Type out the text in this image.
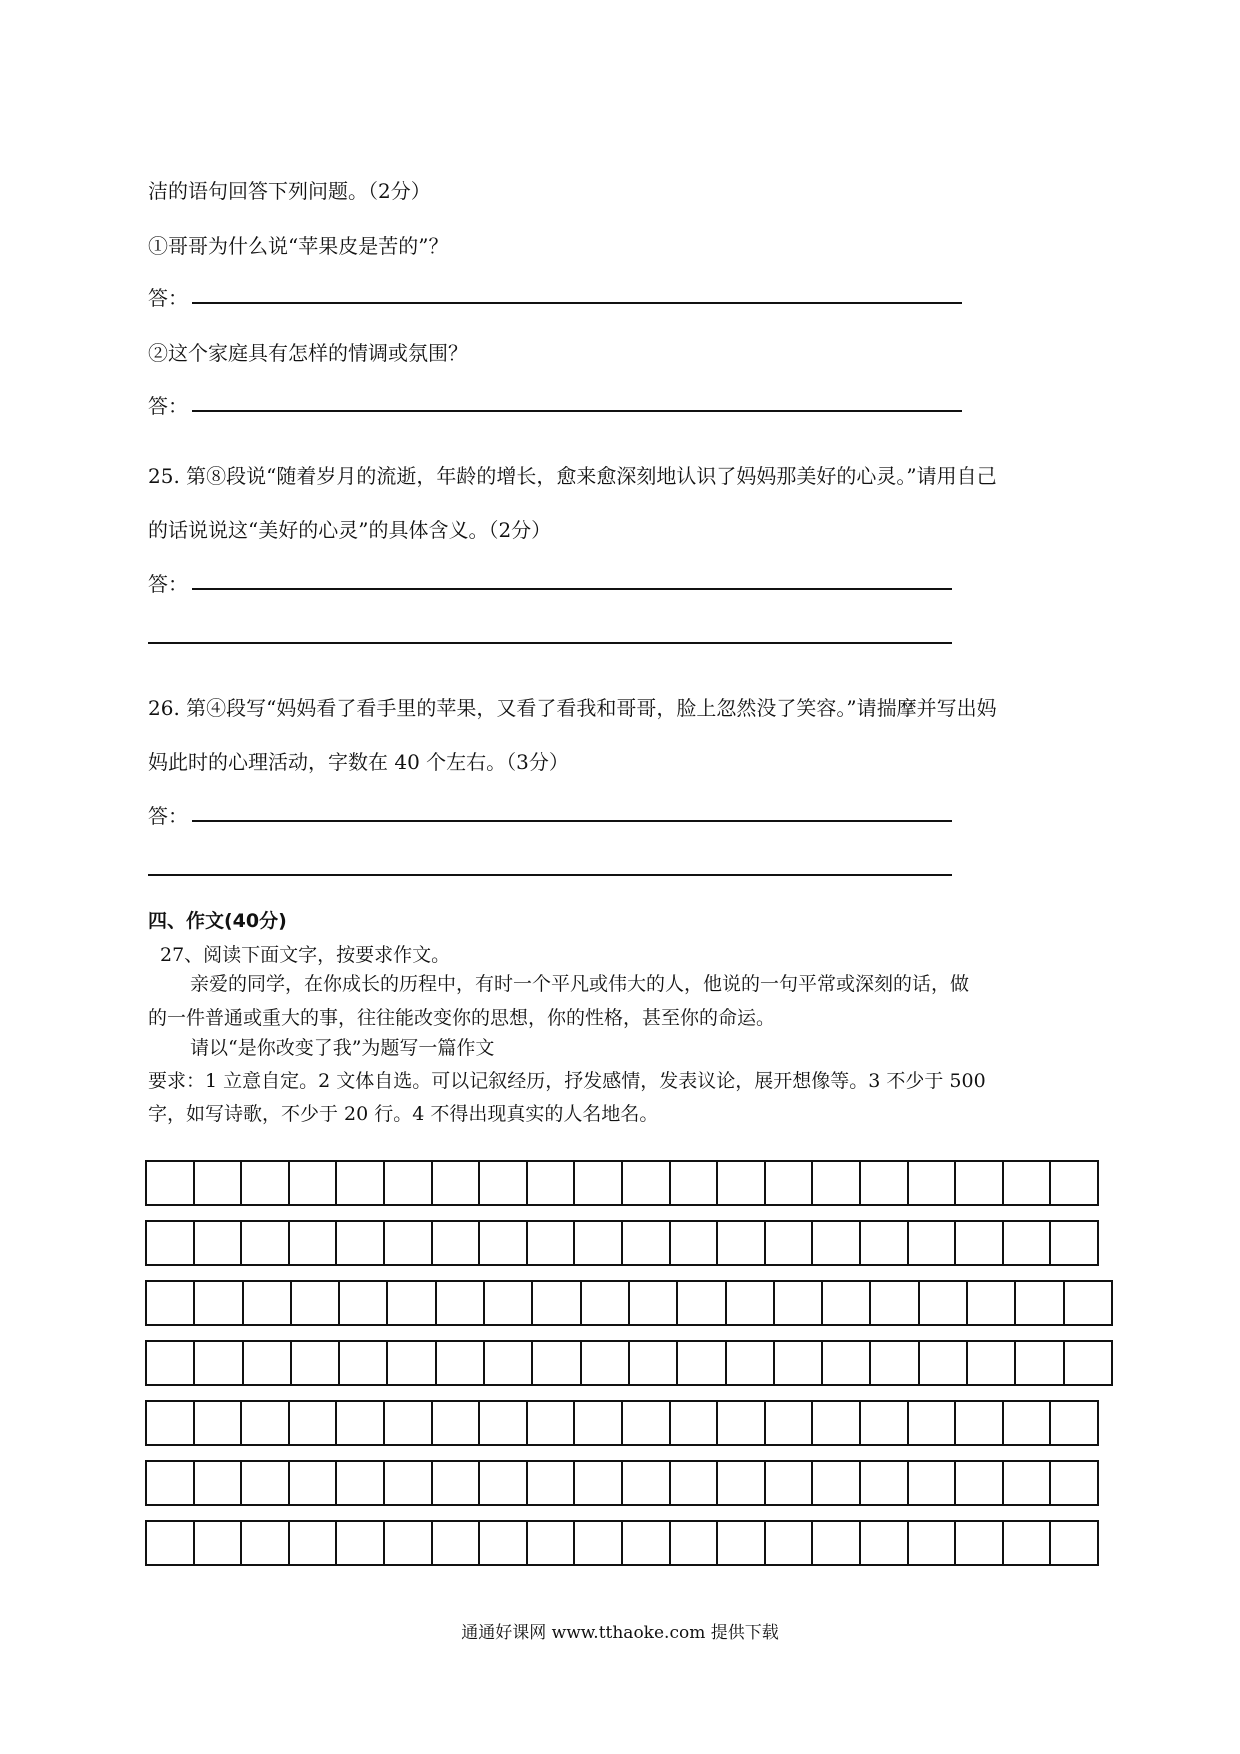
洁的语句回答下列问题。（2分）
①哥哥为什么说“苹果皮是苦的”？
答：
②这个家庭具有怎样的情调或氛围？
答：
25. 第⑧段说“随着岁月的流逝，年龄的增长，愈来愈深刻地认识了妈妈那美好的心灵。”请用自己
的话说说这“美好的心灵”的具体含义。（2分）
答：
26. 第④段写“妈妈看了看手里的苹果，又看了看我和哥哥，脸上忽然没了笑容。”请揣摩并写出妈
妈此时的心理活动，字数在 40 个左右。（3分）
答：
四、作文(40分)
27、阅读下面文字，按要求作文。
亲爱的同学，在你成长的历程中，有时一个平凡或伟大的人，他说的一句平常或深刻的话，做
的一件普通或重大的事，往往能改变你的思想，你的性格，甚至你的命运。
请以“是你改变了我”为题写一篇作文
要求：1 立意自定。2 文体自选。可以记叙经历，抒发感情，发表议论，展开想像等。3 不少于 500
字，如写诗歌，不少于 20 行。4 不得出现真实的人名地名。
通通好课网 www.tthaoke.com 提供下载
